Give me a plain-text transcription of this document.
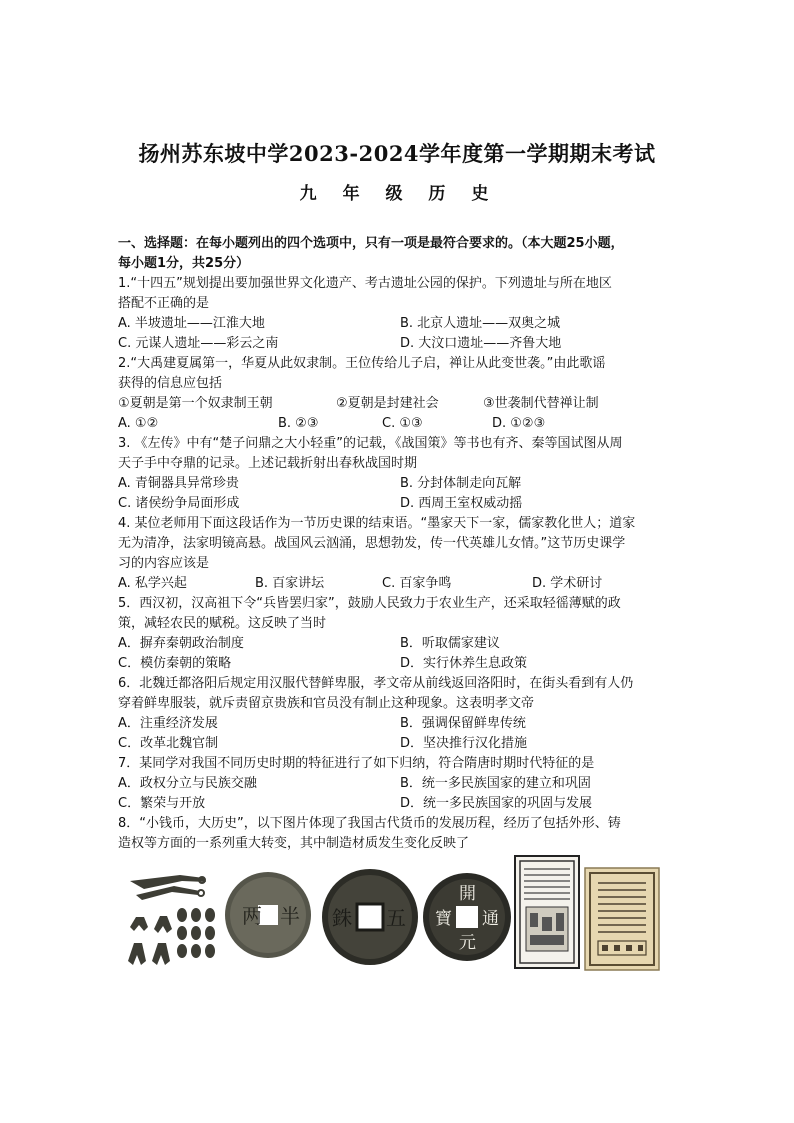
扬州苏东坡中学2023-2024学年度第一学期期末考试
九 年 级 历 史
一、选择题：在每小题列出的四个选项中，只有一项是最符合要求的。（本大题25小题，
每小题1分，共25分）
1.“十四五”规划提出要加强世界文化遗产、考古遗址公园的保护。下列遗址与所在地区
搭配不正确的是
A. 半坡遗址——江淮大地	B. 北京人遗址——双奥之城
C. 元谋人遗址——彩云之南	D. 大汶口遗址——齐鲁大地
2.“大禹建夏属第一，华夏从此奴隶制。王位传给儿子启，禅让从此变世袭。”由此歌谣
获得的信息应包括
①夏朝是第一个奴隶制王朝	②夏朝是封建社会	③世袭制代替禅让制
A. ①②	B. ②③	C. ①③	D. ①②③
3. 《左传》中有“楚子问鼎之大小轻重”的记载，《战国策》等书也有齐、秦等国试图从周
天子手中夺鼎的记录。上述记载折射出春秋战国时期
A. 青铜器具异常珍贵	B. 分封体制走向瓦解
C. 诸侯纷争局面形成	D. 西周王室权威动摇
4. 某位老师用下面这段话作为一节历史课的结束语。“墨家天下一家，儒家教化世人；道家
无为清净，法家明镜高悬。战国风云汹涌，思想勃发，传一代英雄儿女情。”这节历史课学
习的内容应该是
A. 私学兴起	B. 百家讲坛	C. 百家争鸣	D. 学术研讨
5．西汉初，汉高祖下令“兵皆罢归家”，鼓励人民致力于农业生产，还采取轻徭薄赋的政
策，减轻农民的赋税。这反映了当时
A．摒弃秦朝政治制度	B．听取儒家建议
C．模仿秦朝的策略	D．实行休养生息政策
6．北魏迁都洛阳后规定用汉服代替鲜卑服，孝文帝从前线返回洛阳时，在街头看到有人仍
穿着鲜卑服装，就斥责留京贵族和官员没有制止这种现象。这表明孝文帝
A．注重经济发展	B．强调保留鲜卑传统
C．改革北魏官制	D．坚决推行汉化措施
7．某同学对我国不同历史时期的特征进行了如下归纳，符合隋唐时期时代特征的是
A．政权分立与民族交融	B．统一多民族国家的建立和巩固
C．繁荣与开放	D．统一多民族国家的巩固与发展
8．“小钱币，大历史”，以下图片体现了我国古代货币的发展历程，经历了包括外形、铸
造权等方面的一系列重大转变，其中制造材质发生变化反映了
两 半 銖 五
開
元
寶 通
